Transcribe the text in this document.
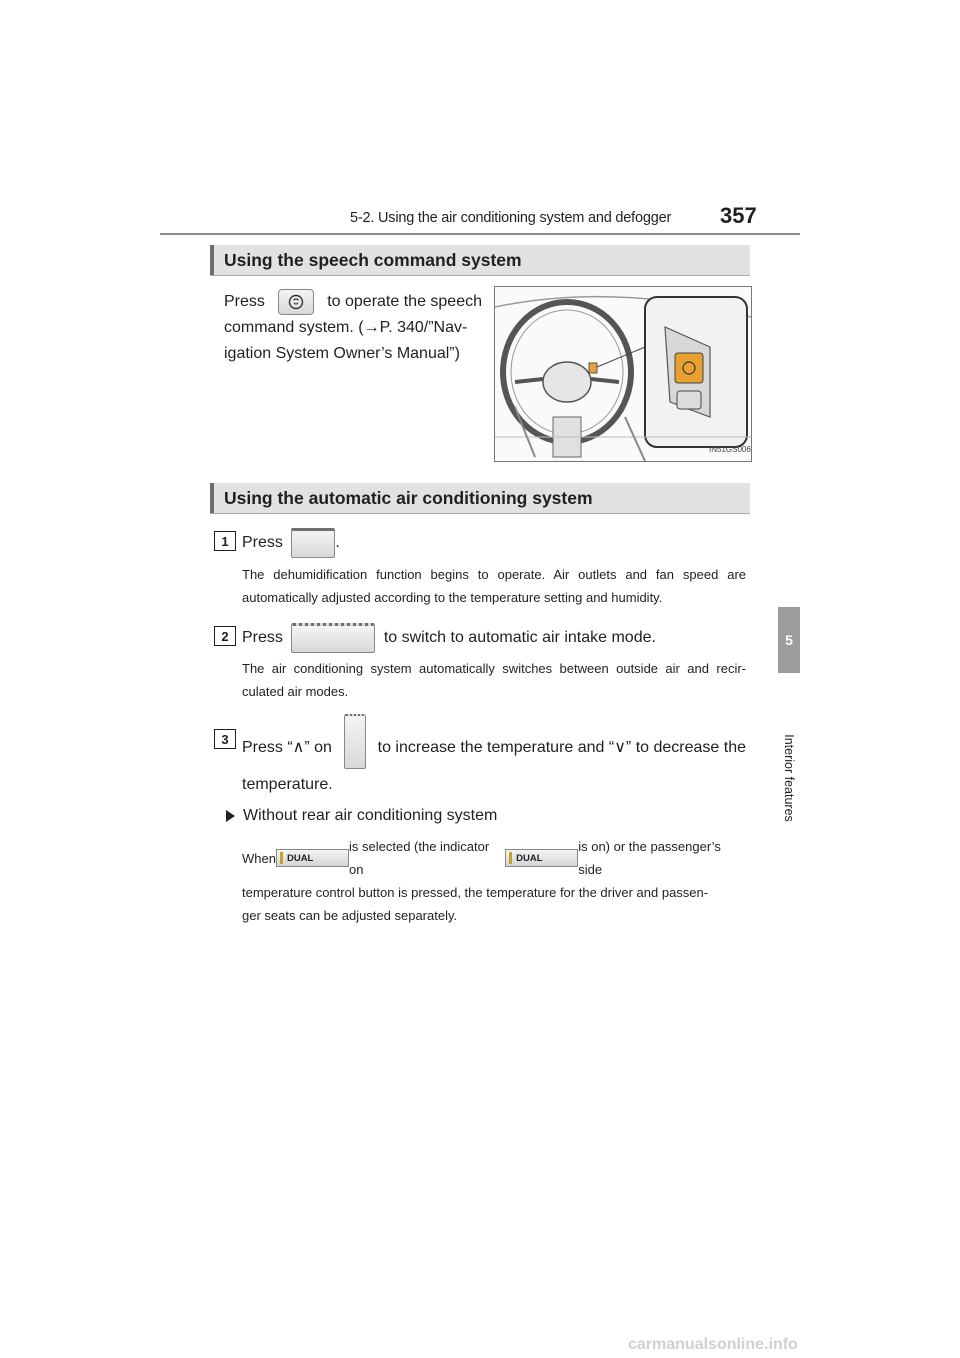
5-2. Using the air conditioning system and defogger 357
5
Interior features
Using the speech command system
Press	to operate the speech
command system. (→P. 340/”Nav-
igation System Owner’s Manual”)
IN51GS006
Using the automatic air conditioning system
1 Press	.
The dehumidification function begins to operate. Air outlets and fan speed are
automatically adjusted according to the temperature setting and humidity.
2 Press	to switch to automatic air intake mode.
The air conditioning system automatically switches between outside air and recir-
culated air modes.
3 Press “∧” on	to increase the temperature and “∨” to decrease the
temperature.
Without rear air conditioning system
When DUAL
is selected (the indicator on
DUAL
is on) or the passenger’s side
temperature control button is pressed, the temperature for the driver and passen-
ger seats can be adjusted separately.
carmanualsonline.info
